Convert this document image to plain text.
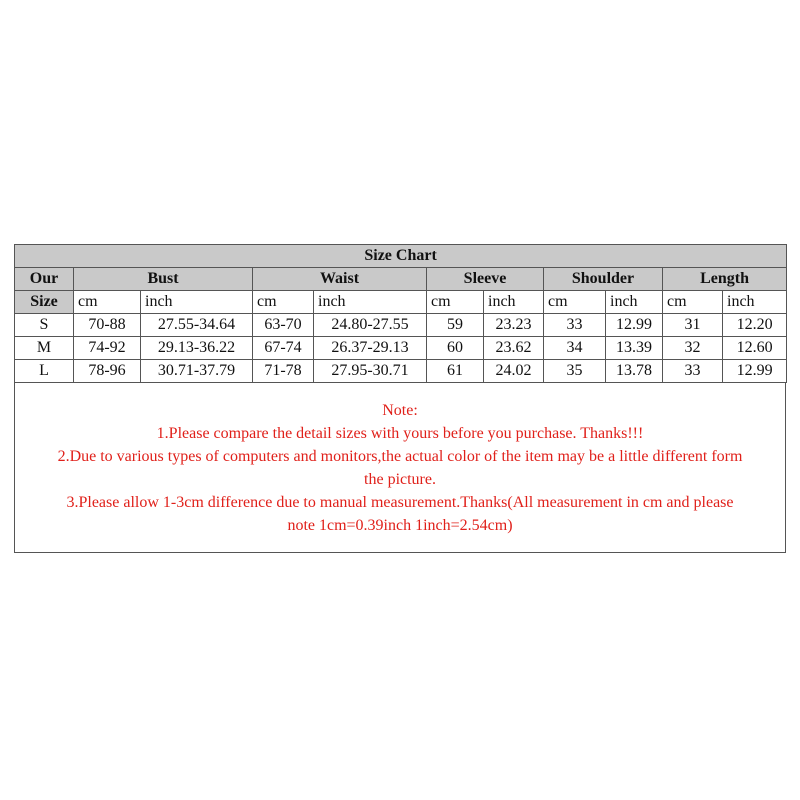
Size Chart										
Our	Bust		Waist		Sleeve		Shoulder		Length	
Size	cm	inch	cm	inch	cm	inch	cm	inch	cm	inch
S	70-88	27.55-34.64	63-70	24.80-27.55	59	23.23	33	12.99	31	12.20
M	74-92	29.13-36.22	67-74	26.37-29.13	60	23.62	34	13.39	32	12.60
L	78-96	30.71-37.79	71-78	27.95-30.71	61	24.02	35	13.78	33	12.99
Note:
1.Please compare the detail sizes with yours before you purchase. Thanks!!!
2.Due to various types of computers and monitors,the actual color of the item may be a little different form
the picture.
3.Please allow 1-3cm difference due to manual measurement.Thanks(All measurement in cm and please
note 1cm=0.39inch 1inch=2.54cm)
